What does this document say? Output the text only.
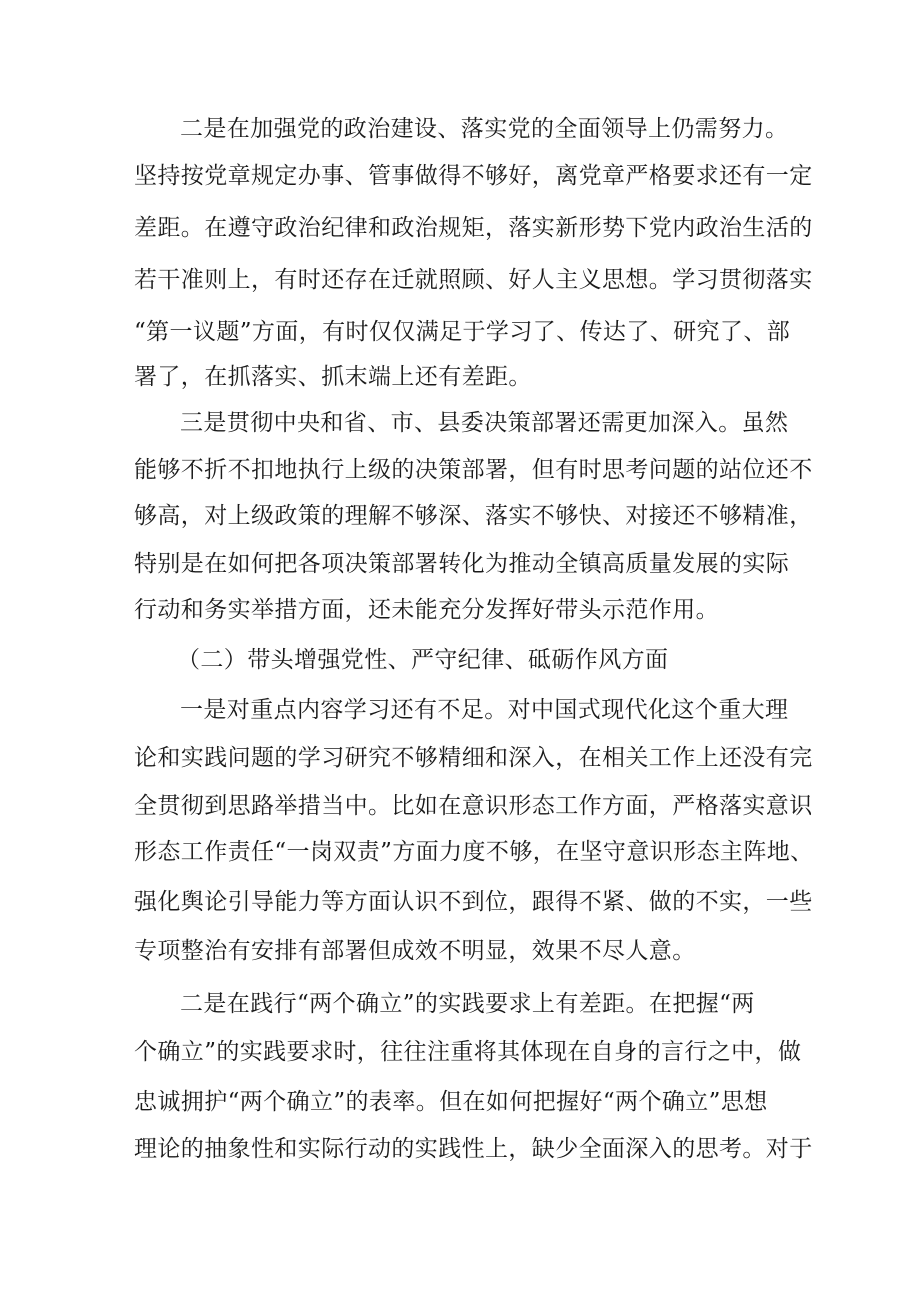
二是在加强党的政治建设、落实党的全面领导上仍需努力。
坚持按党章规定办事、管事做得不够好，离党章严格要求还有一定
差距。在遵守政治纪律和政治规矩，落实新形势下党内政治生活的
若干准则上，有时还存在迁就照顾、好人主义思想。学习贯彻落实
“第一议题”方面，有时仅仅满足于学习了、传达了、研究了、部
署了，在抓落实、抓末端上还有差距。
三是贯彻中央和省、市、县委决策部署还需更加深入。虽然
能够不折不扣地执行上级的决策部署，但有时思考问题的站位还不
够高，对上级政策的理解不够深、落实不够快、对接还不够精准，
特别是在如何把各项决策部署转化为推动全镇高质量发展的实际
行动和务实举措方面，还未能充分发挥好带头示范作用。
（二）带头增强党性、严守纪律、砥砺作风方面
一是对重点内容学习还有不足。对中国式现代化这个重大理
论和实践问题的学习研究不够精细和深入，在相关工作上还没有完
全贯彻到思路举措当中。比如在意识形态工作方面，严格落实意识
形态工作责任“一岗双责”方面力度不够，在坚守意识形态主阵地、
强化舆论引导能力等方面认识不到位，跟得不紧、做的不实，一些
专项整治有安排有部署但成效不明显，效果不尽人意。
二是在践行“两个确立”的实践要求上有差距。在把握“两
个确立”的实践要求时，往往注重将其体现在自身的言行之中，做
忠诚拥护“两个确立”的表率。但在如何把握好“两个确立”思想
理论的抽象性和实际行动的实践性上，缺少全面深入的思考。对于
